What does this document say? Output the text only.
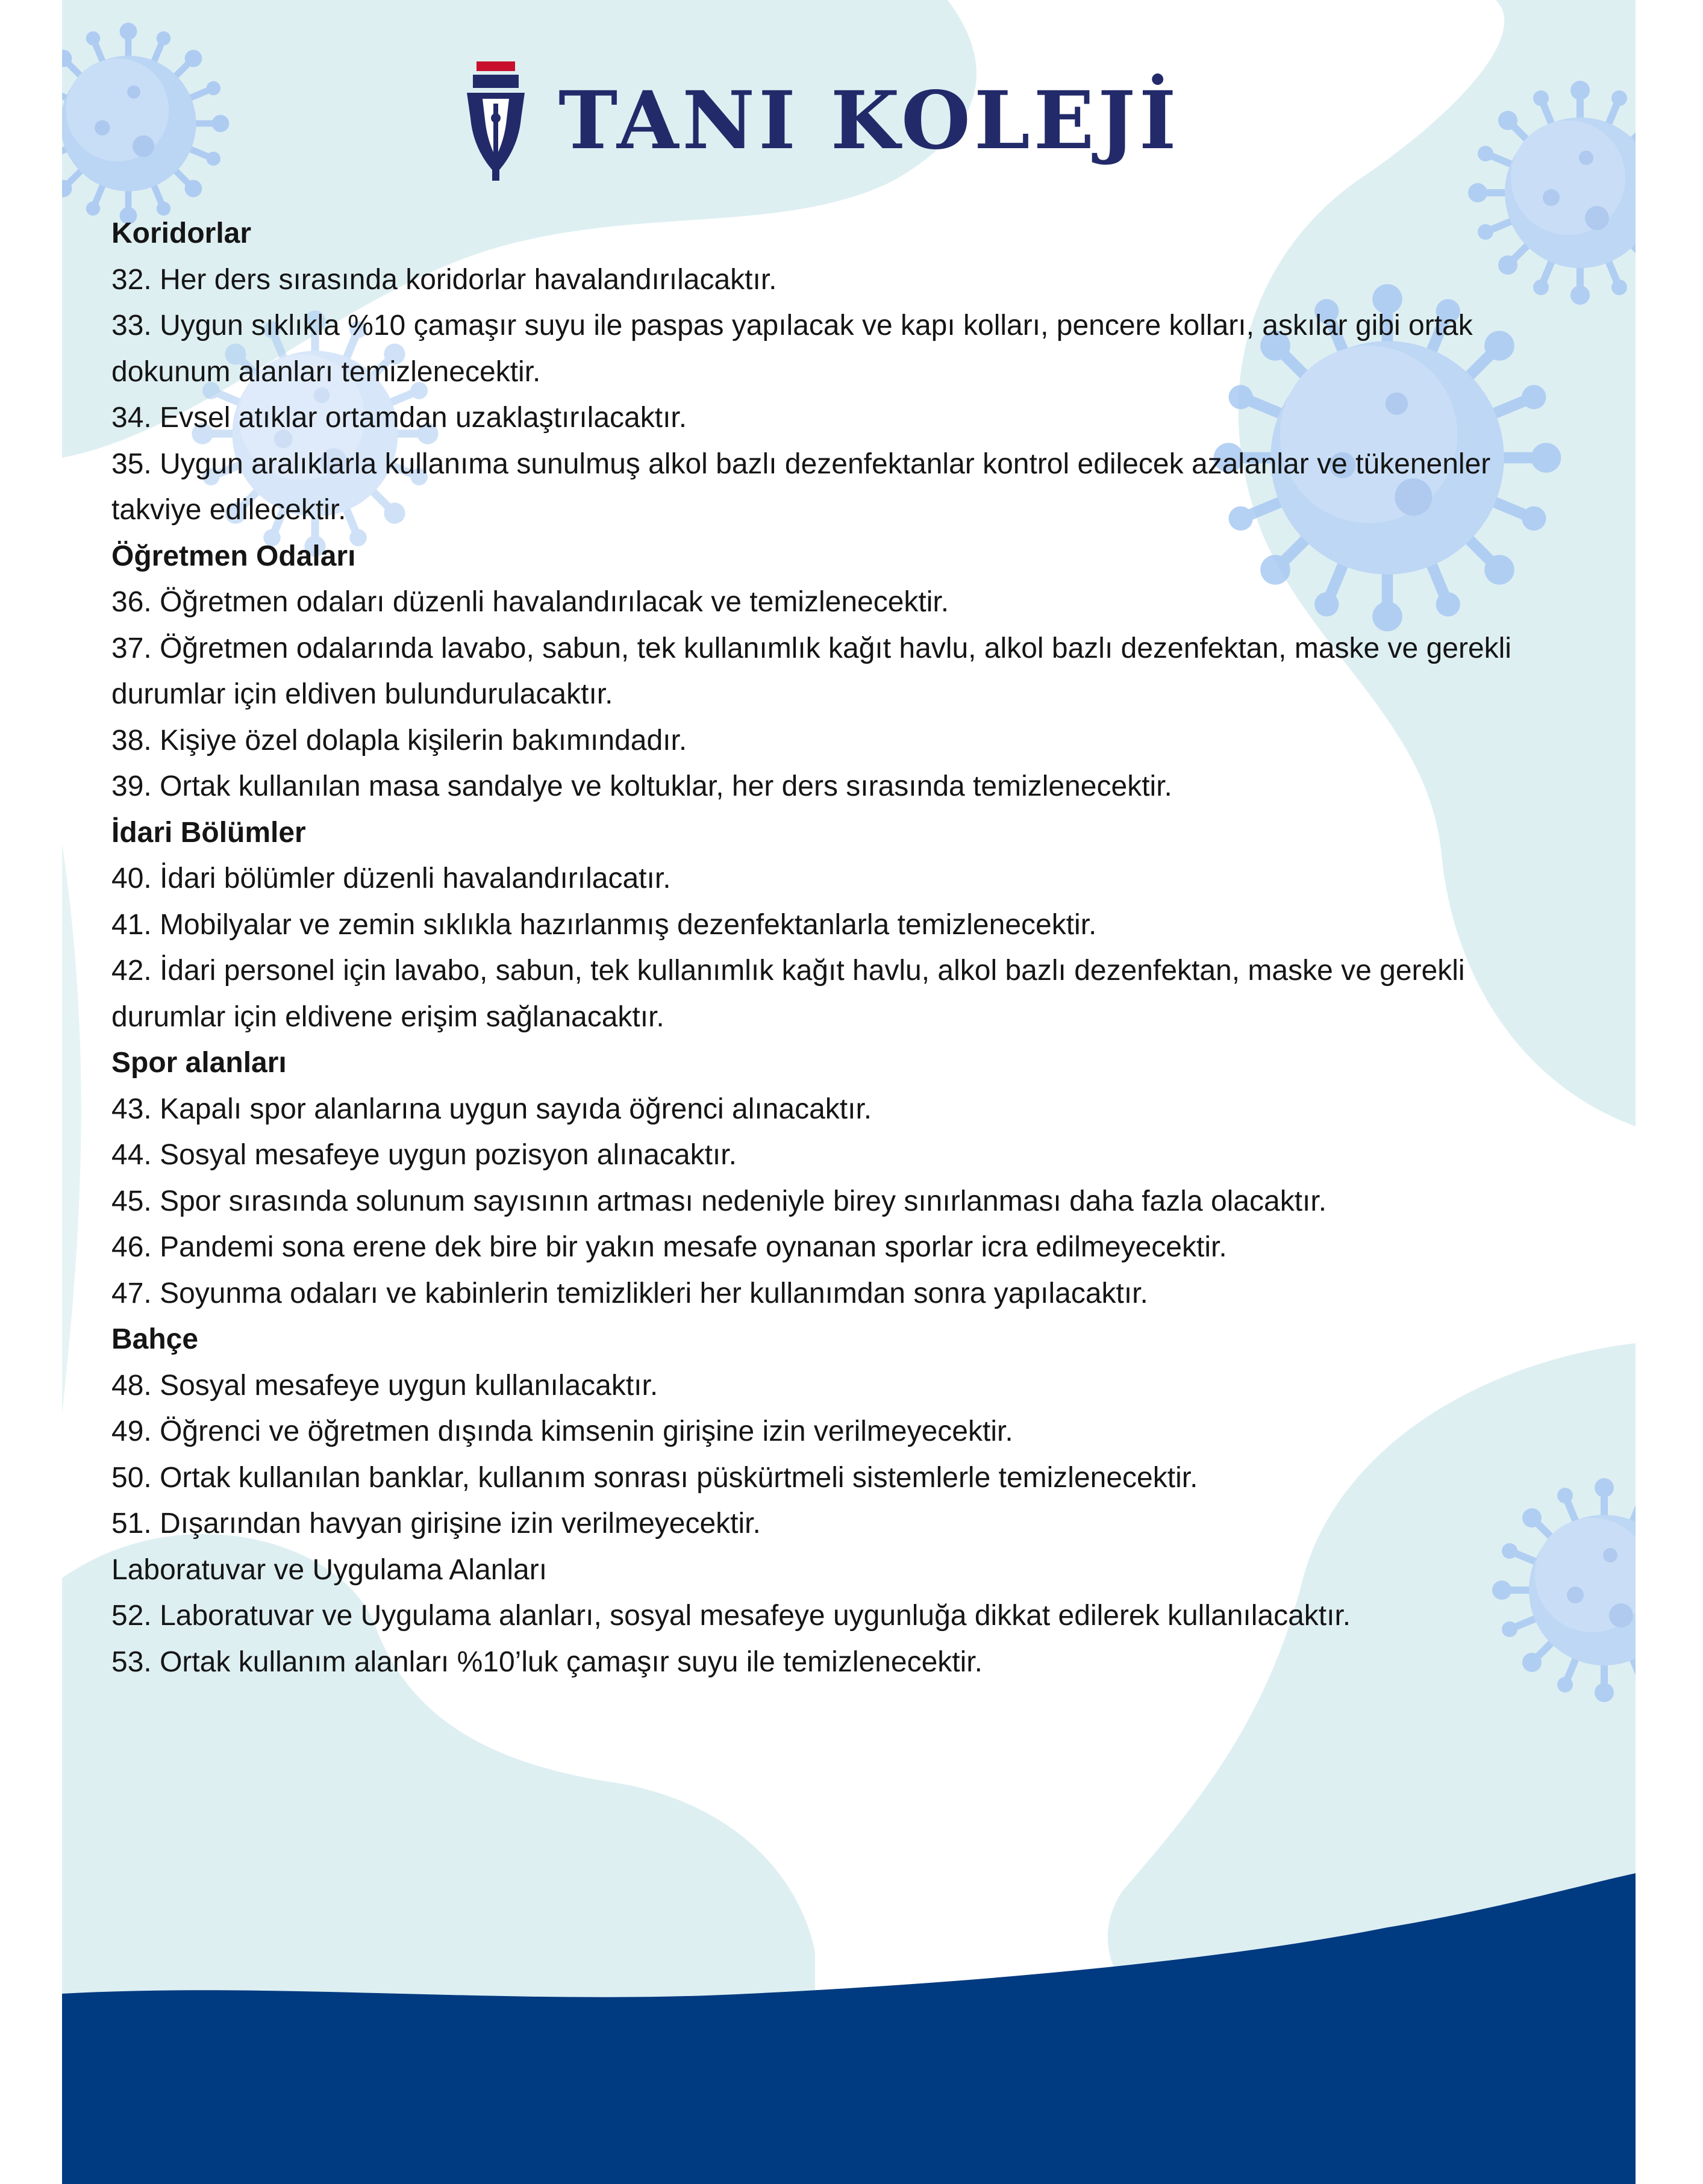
TANI KOLEJİ

Koridorlar

32. Her ders sırasında koridorlar havalandırılacaktır.

33. Uygun sıklıkla %10 çamaşır suyu ile paspas yapılacak ve kapı kolları, pencere kolları, askılar gibi ortak

dokunum alanları temizlenecektir.

34. Evsel atıklar ortamdan uzaklaştırılacaktır.

35. Uygun aralıklarla kullanıma sunulmuş alkol bazlı dezenfektanlar kontrol edilecek azalanlar ve tükenenler

takviye edilecektir.

Öğretmen Odaları

36. Öğretmen odaları düzenli havalandırılacak ve temizlenecektir.

37. Öğretmen odalarında lavabo, sabun, tek kullanımlık kağıt havlu, alkol bazlı dezenfektan, maske ve gerekli

durumlar için eldiven bulundurulacaktır.

38. Kişiye özel dolapla kişilerin bakımındadır.

39. Ortak kullanılan masa sandalye ve koltuklar, her ders sırasında temizlenecektir.

İdari Bölümler

40. İdari bölümler düzenli havalandırılacatır.

41. Mobilyalar ve zemin sıklıkla hazırlanmış dezenfektanlarla temizlenecektir.

42. İdari personel için lavabo, sabun, tek kullanımlık kağıt havlu, alkol bazlı dezenfektan, maske ve gerekli

durumlar için eldivene erişim sağlanacaktır.

Spor alanları

43. Kapalı spor alanlarına uygun sayıda öğrenci alınacaktır.

44. Sosyal mesafeye uygun pozisyon alınacaktır.

45. Spor sırasında solunum sayısının artması nedeniyle birey sınırlanması daha fazla olacaktır.

46. Pandemi sona erene dek bire bir yakın mesafe oynanan sporlar icra edilmeyecektir.

47. Soyunma odaları ve kabinlerin temizlikleri her kullanımdan sonra yapılacaktır.

Bahçe

48. Sosyal mesafeye uygun kullanılacaktır.

49. Öğrenci ve öğretmen dışında kimsenin girişine izin verilmeyecektir.

50. Ortak kullanılan banklar, kullanım sonrası püskürtmeli sistemlerle temizlenecektir.

51. Dışarından havyan girişine izin verilmeyecektir.

Laboratuvar ve Uygulama Alanları

52. Laboratuvar ve Uygulama alanları, sosyal mesafeye uygunluğa dikkat edilerek kullanılacaktır.

53. Ortak kullanım alanları %10’luk çamaşır suyu ile temizlenecektir.
